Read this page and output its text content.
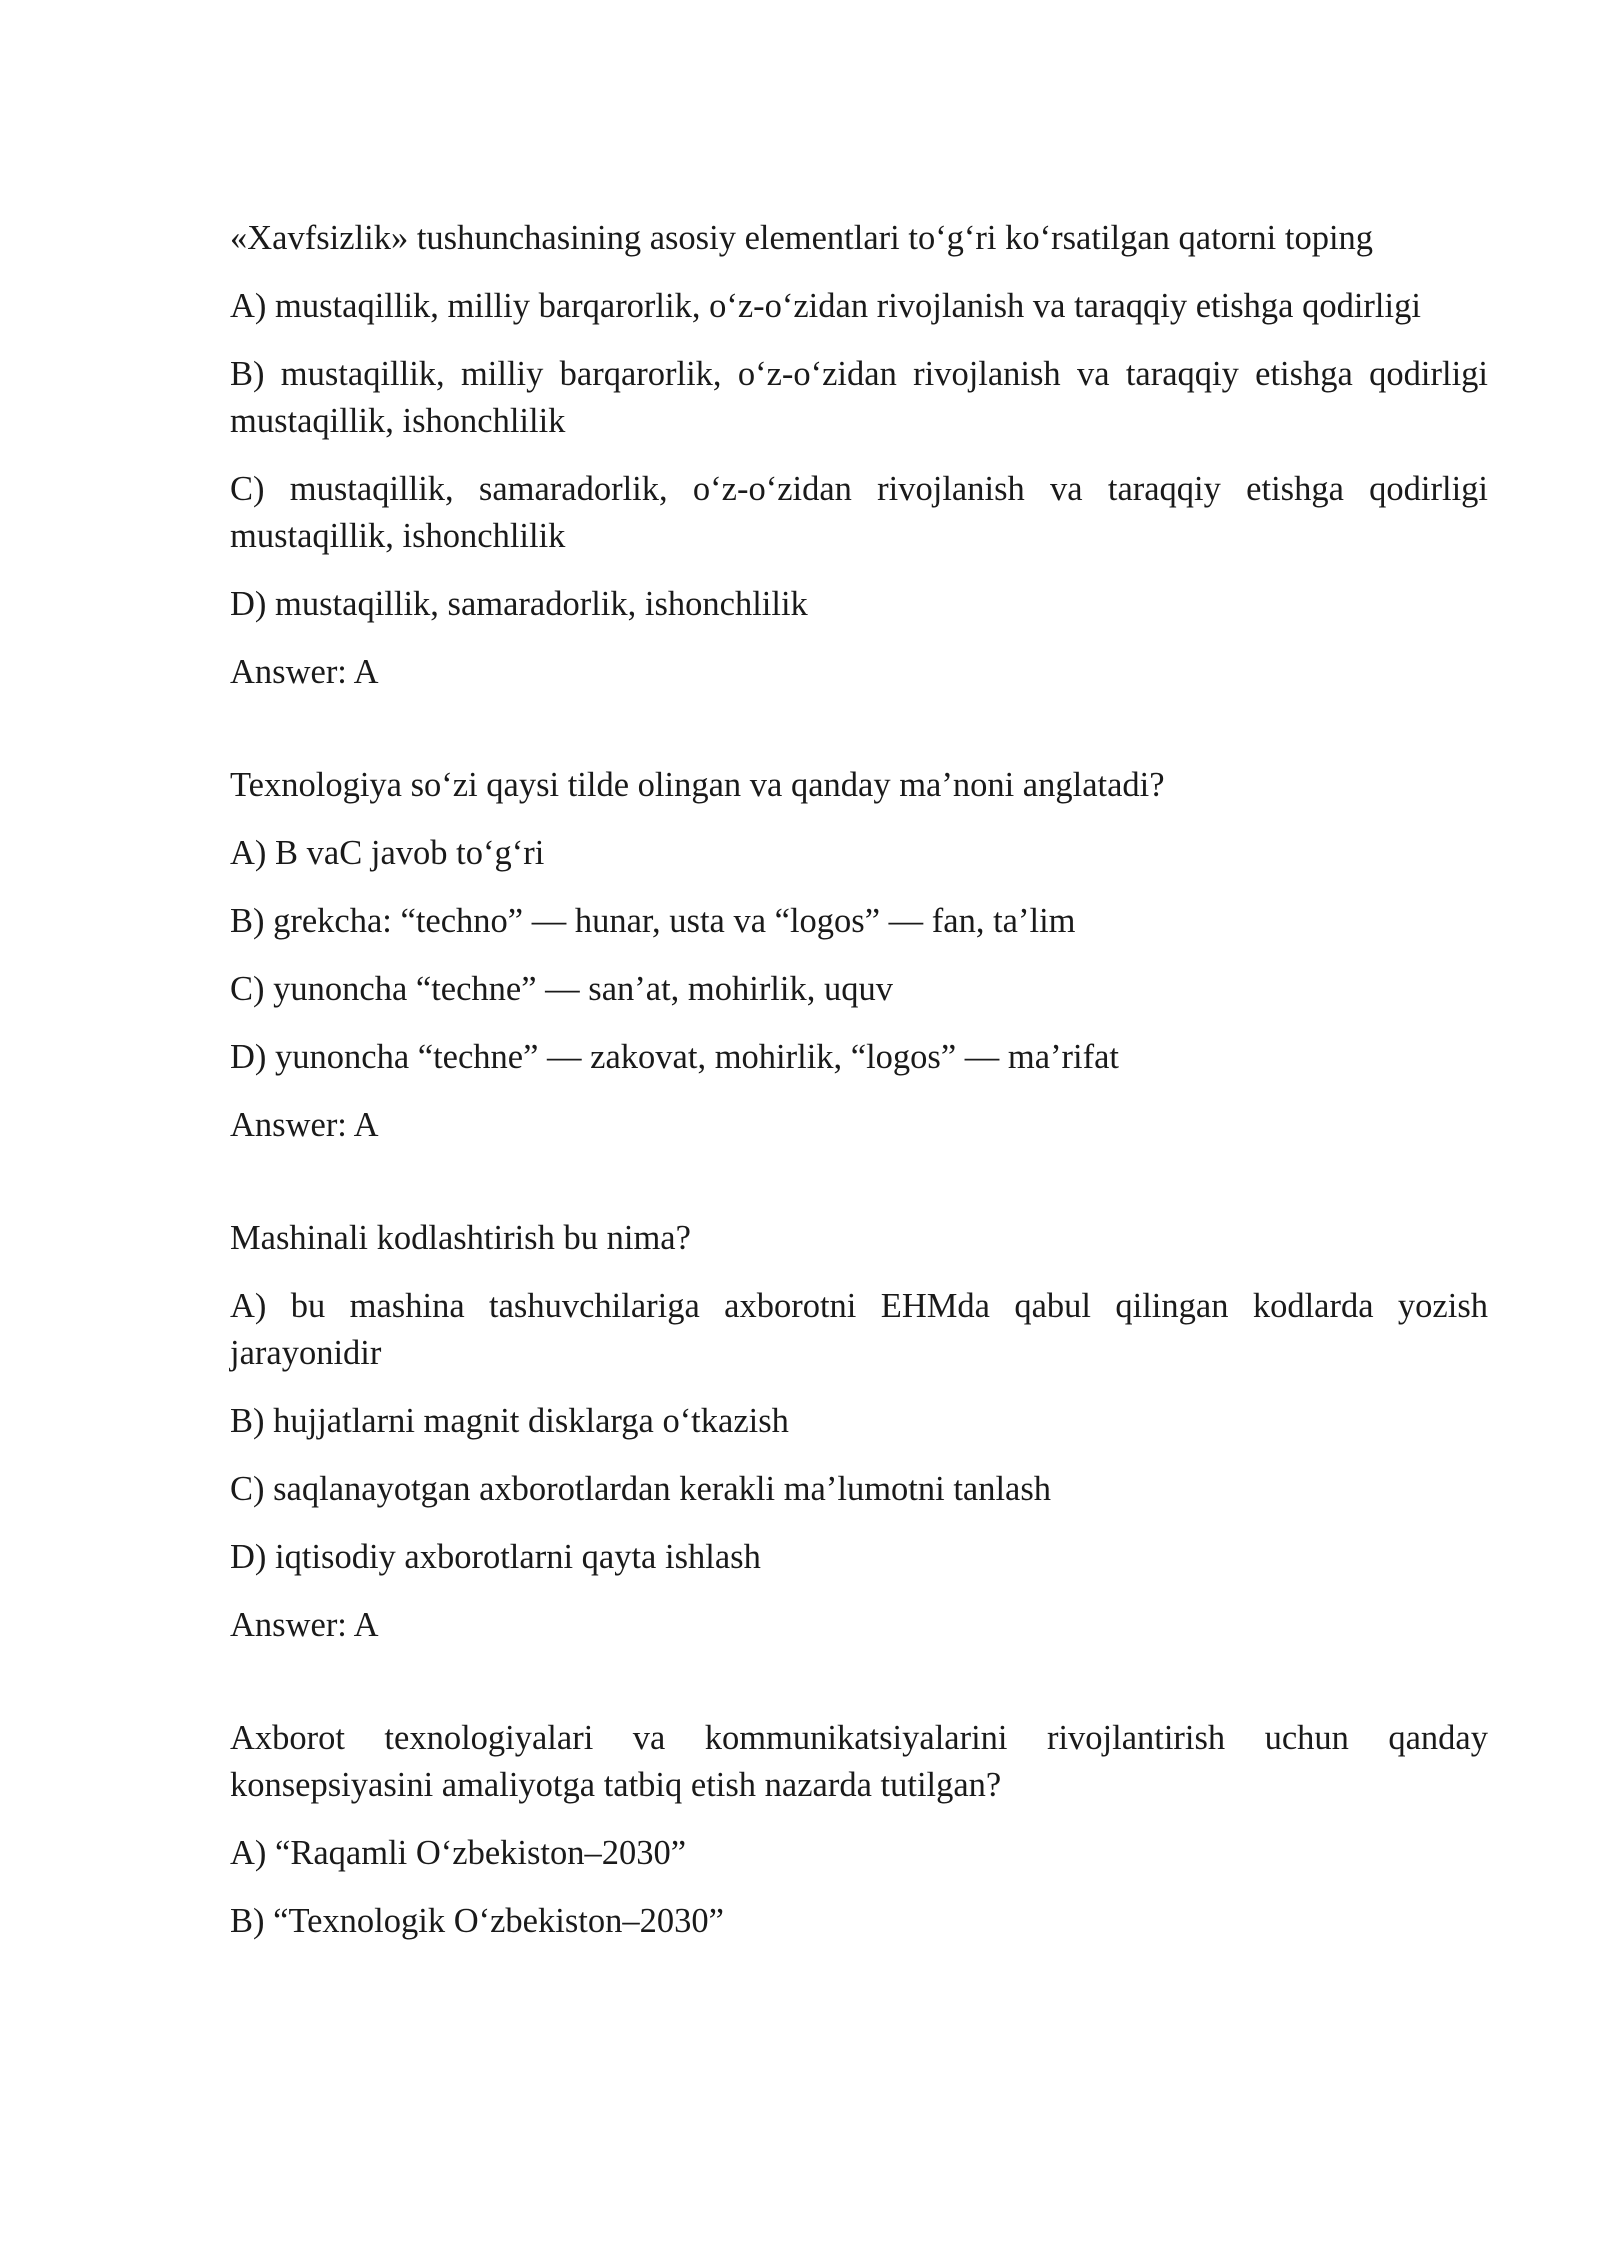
«Xavfsizlik» tushunchasining asosiy elementlari to‘g‘ri ko‘rsatilgan qatorni toping

A) mustaqillik, milliy barqarorlik, o‘z-o‘zidan rivojlanish va taraqqiy etishga qodirligi

B) mustaqillik, milliy barqarorlik, o‘z-o‘zidan rivojlanish va taraqqiy etishga qodirligi mustaqillik, ishonchlilik

C) mustaqillik, samaradorlik, o‘z-o‘zidan rivojlanish va taraqqiy etishga qodirligi mustaqillik, ishonchlilik

D) mustaqillik, samaradorlik, ishonchlilik

Answer: A

Texnologiya so‘zi qaysi tilde olingan va qanday ma’noni anglatadi?

A) B vaC javob to‘g‘ri

B) grekcha: “techno” — hunar, usta va “logos” — fan, ta’lim

C) yunoncha “techne” — san’at, mohirlik, uquv

D) yunoncha “techne” — zakovat, mohirlik, “logos” — ma’rifat

Answer: A

Mashinali kodlashtirish bu nima?

A) bu mashina tashuvchilariga axborotni EHMda qabul qilingan kodlarda yozish jarayonidir

B) hujjatlarni magnit disklarga o‘tkazish

C) saqlanayotgan axborotlardan kerakli ma’lumotni tanlash

D) iqtisodiy axborotlarni qayta ishlash

Answer: A

Axborot texnologiyalari va kommunikatsiyalarini rivojlantirish uchun qanday konsepsiyasini amaliyotga tatbiq etish nazarda tutilgan?

A) “Raqamli O‘zbekiston–2030”

B) “Texnologik O‘zbekiston–2030”
